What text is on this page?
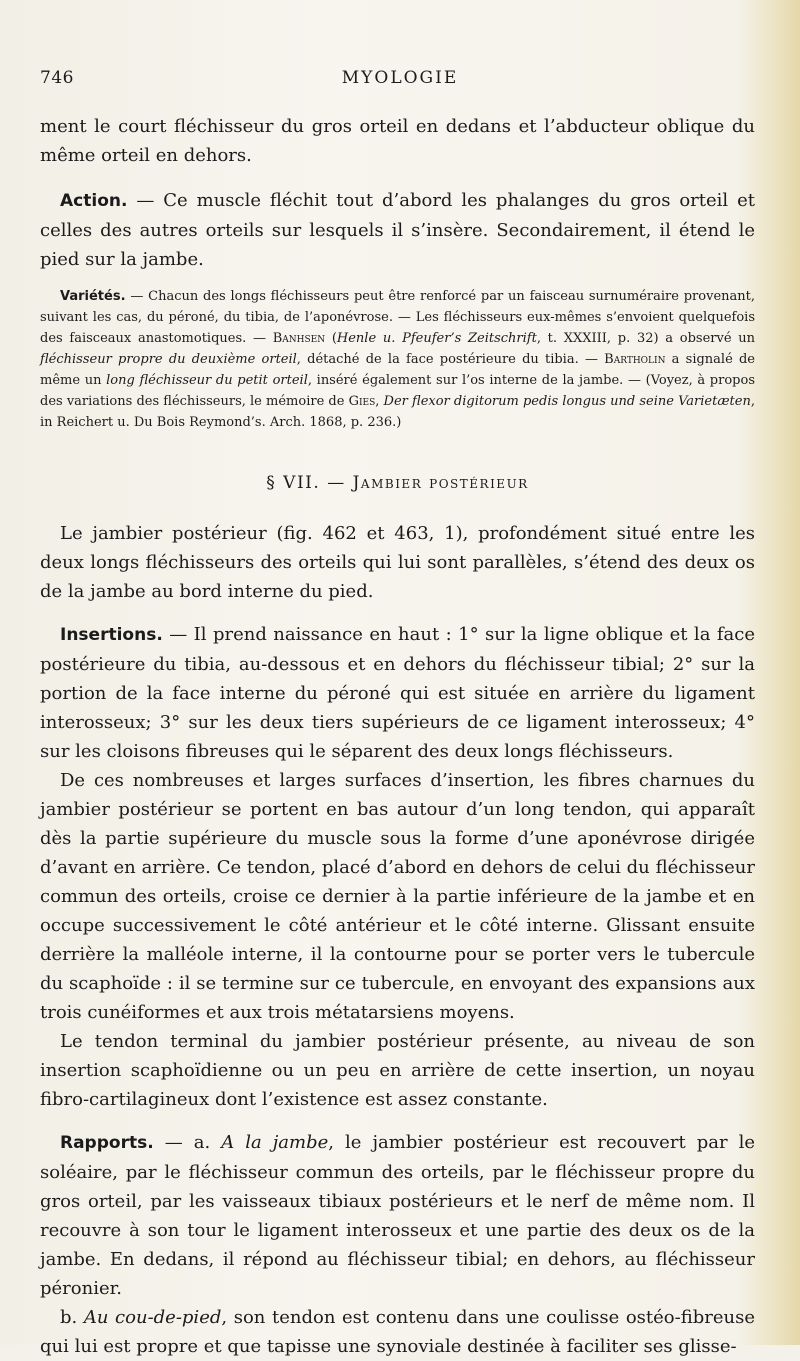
746	MYOLOGIE

ment le court fléchisseur du gros orteil en dedans et l’abducteur oblique du même orteil en dehors.

Action. — Ce muscle fléchit tout d’abord les phalanges du gros orteil et celles des autres orteils sur lesquels il s’insère. Secondairement, il étend le pied sur la jambe.

Variétés. — Chacun des longs fléchisseurs peut être renforcé par un faisceau surnuméraire provenant, suivant les cas, du péroné, du tibia, de l’aponévrose. — Les fléchisseurs eux-mêmes s’envoient quelquefois des faisceaux anastomotiques. — Banhsen (Henle u. Pfeufer’s Zeitschrift, t. XXXIII, p. 32) a observé un fléchisseur propre du deuxième orteil, détaché de la face postérieure du tibia. — Bartholin a signalé de même un long fléchisseur du petit orteil, inséré également sur l’os interne de la jambe. — (Voyez, à propos des variations des fléchisseurs, le mémoire de Gies, Der flexor digitorum pedis longus und seine Varietæten, in Reichert u. Du Bois Reymond’s. Arch. 1868, p. 236.)

§ VII. — Jambier postérieur

Le jambier postérieur (fig. 462 et 463, 1), profondément situé entre les deux longs fléchisseurs des orteils qui lui sont parallèles, s’étend des deux os de la jambe au bord interne du pied.

Insertions. — Il prend naissance en haut : 1° sur la ligne oblique et la face postérieure du tibia, au-dessous et en dehors du fléchisseur tibial; 2° sur la portion de la face interne du péroné qui est située en arrière du ligament interosseux; 3° sur les deux tiers supérieurs de ce ligament interosseux; 4° sur les cloisons fibreuses qui le séparent des deux longs fléchisseurs.

De ces nombreuses et larges surfaces d’insertion, les fibres charnues du jambier postérieur se portent en bas autour d’un long tendon, qui apparaît dès la partie supérieure du muscle sous la forme d’une aponévrose dirigée d’avant en arrière. Ce tendon, placé d’abord en dehors de celui du fléchisseur commun des orteils, croise ce dernier à la partie inférieure de la jambe et en occupe successivement le côté antérieur et le côté interne. Glissant ensuite derrière la malléole interne, il la contourne pour se porter vers le tubercule du scaphoïde : il se termine sur ce tubercule, en envoyant des expansions aux trois cunéiformes et aux trois métatarsiens moyens.

Le tendon terminal du jambier postérieur présente, au niveau de son insertion scaphoïdienne ou un peu en arrière de cette insertion, un noyau fibro-cartilagineux dont l’existence est assez constante.

Rapports. — a. A la jambe, le jambier postérieur est recouvert par le soléaire, par le fléchisseur commun des orteils, par le fléchisseur propre du gros orteil, par les vaisseaux tibiaux postérieurs et le nerf de même nom. Il recouvre à son tour le ligament interosseux et une partie des deux os de la jambe. En dedans, il répond au fléchisseur tibial; en dehors, au fléchisseur péronier.

b. Au cou-de-pied, son tendon est contenu dans une coulisse ostéo-fibreuse qui lui est propre et que tapisse une synoviale destinée à faciliter ses glisse-
